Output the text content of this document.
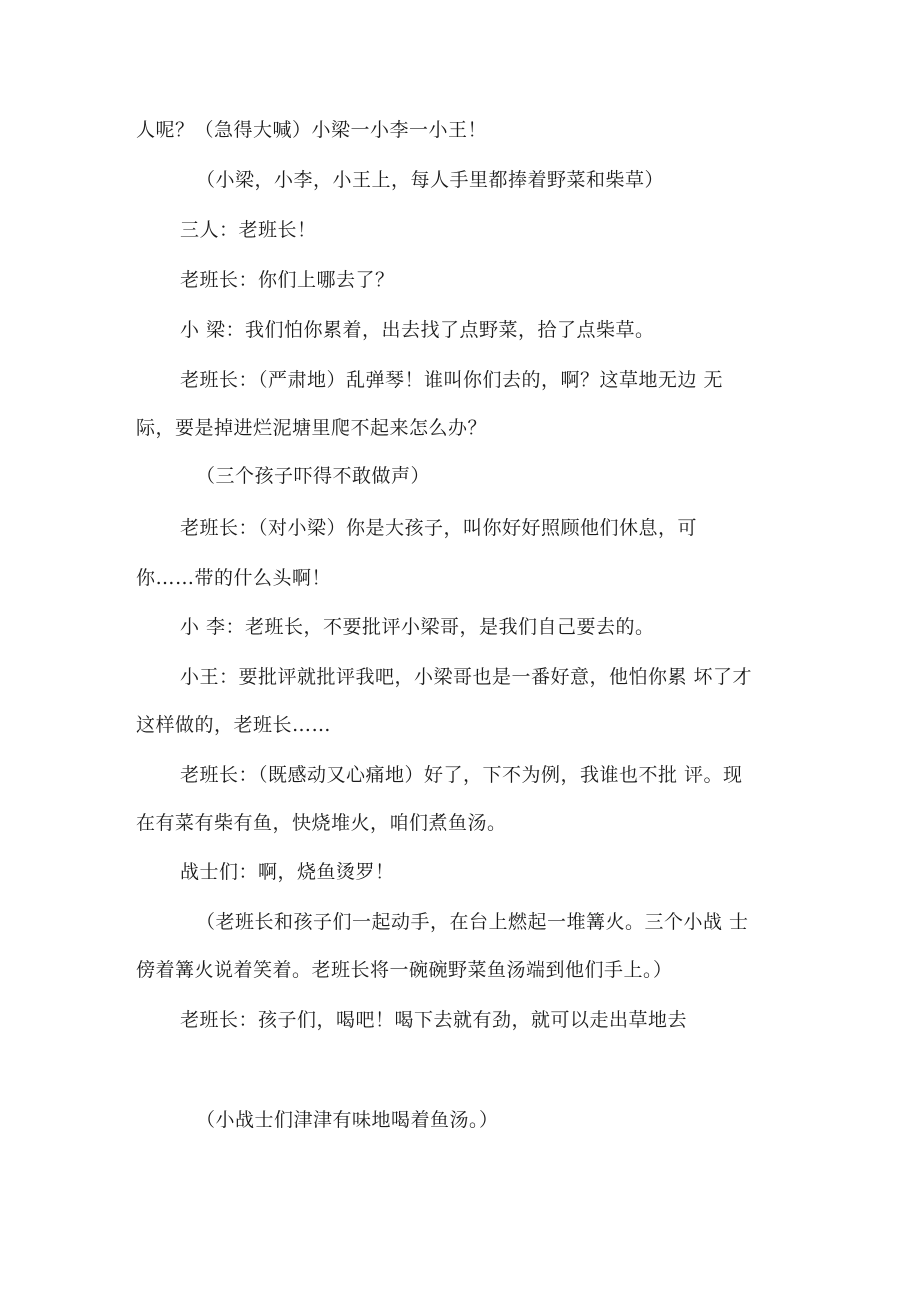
人呢？（急得大喊）小梁一小李一小王！
（小梁，小李，小王上，每人手里都捧着野菜和柴草）
三人：老班长！
老班长：你们上哪去了？
小 梁：我们怕你累着，出去找了点野菜，拾了点柴草。
老班长：（严肃地）乱弹琴！谁叫你们去的，啊？这草地无边 无
际，要是掉进烂泥塘里爬不起来怎么办？
（三个孩子吓得不敢做声）
老班长：（对小梁）你是大孩子，叫你好好照顾他们休息，可
你……带的什么头啊！
小 李：老班长，不要批评小梁哥，是我们自己要去的。
小王：要批评就批评我吧，小梁哥也是一番好意，他怕你累 坏了才
这样做的，老班长……
老班长：（既感动又心痛地）好了，下不为例，我谁也不批 评。现
在有菜有柴有鱼，快烧堆火，咱们煮鱼汤。
战士们：啊，烧鱼烫罗！
（老班长和孩子们一起动手，在台上燃起一堆篝火。三个小战 士
傍着篝火说着笑着。老班长将一碗碗野菜鱼汤端到他们手上。）
老班长：孩子们，喝吧！喝下去就有劲，就可以走出草地去
（小战士们津津有味地喝着鱼汤。）
